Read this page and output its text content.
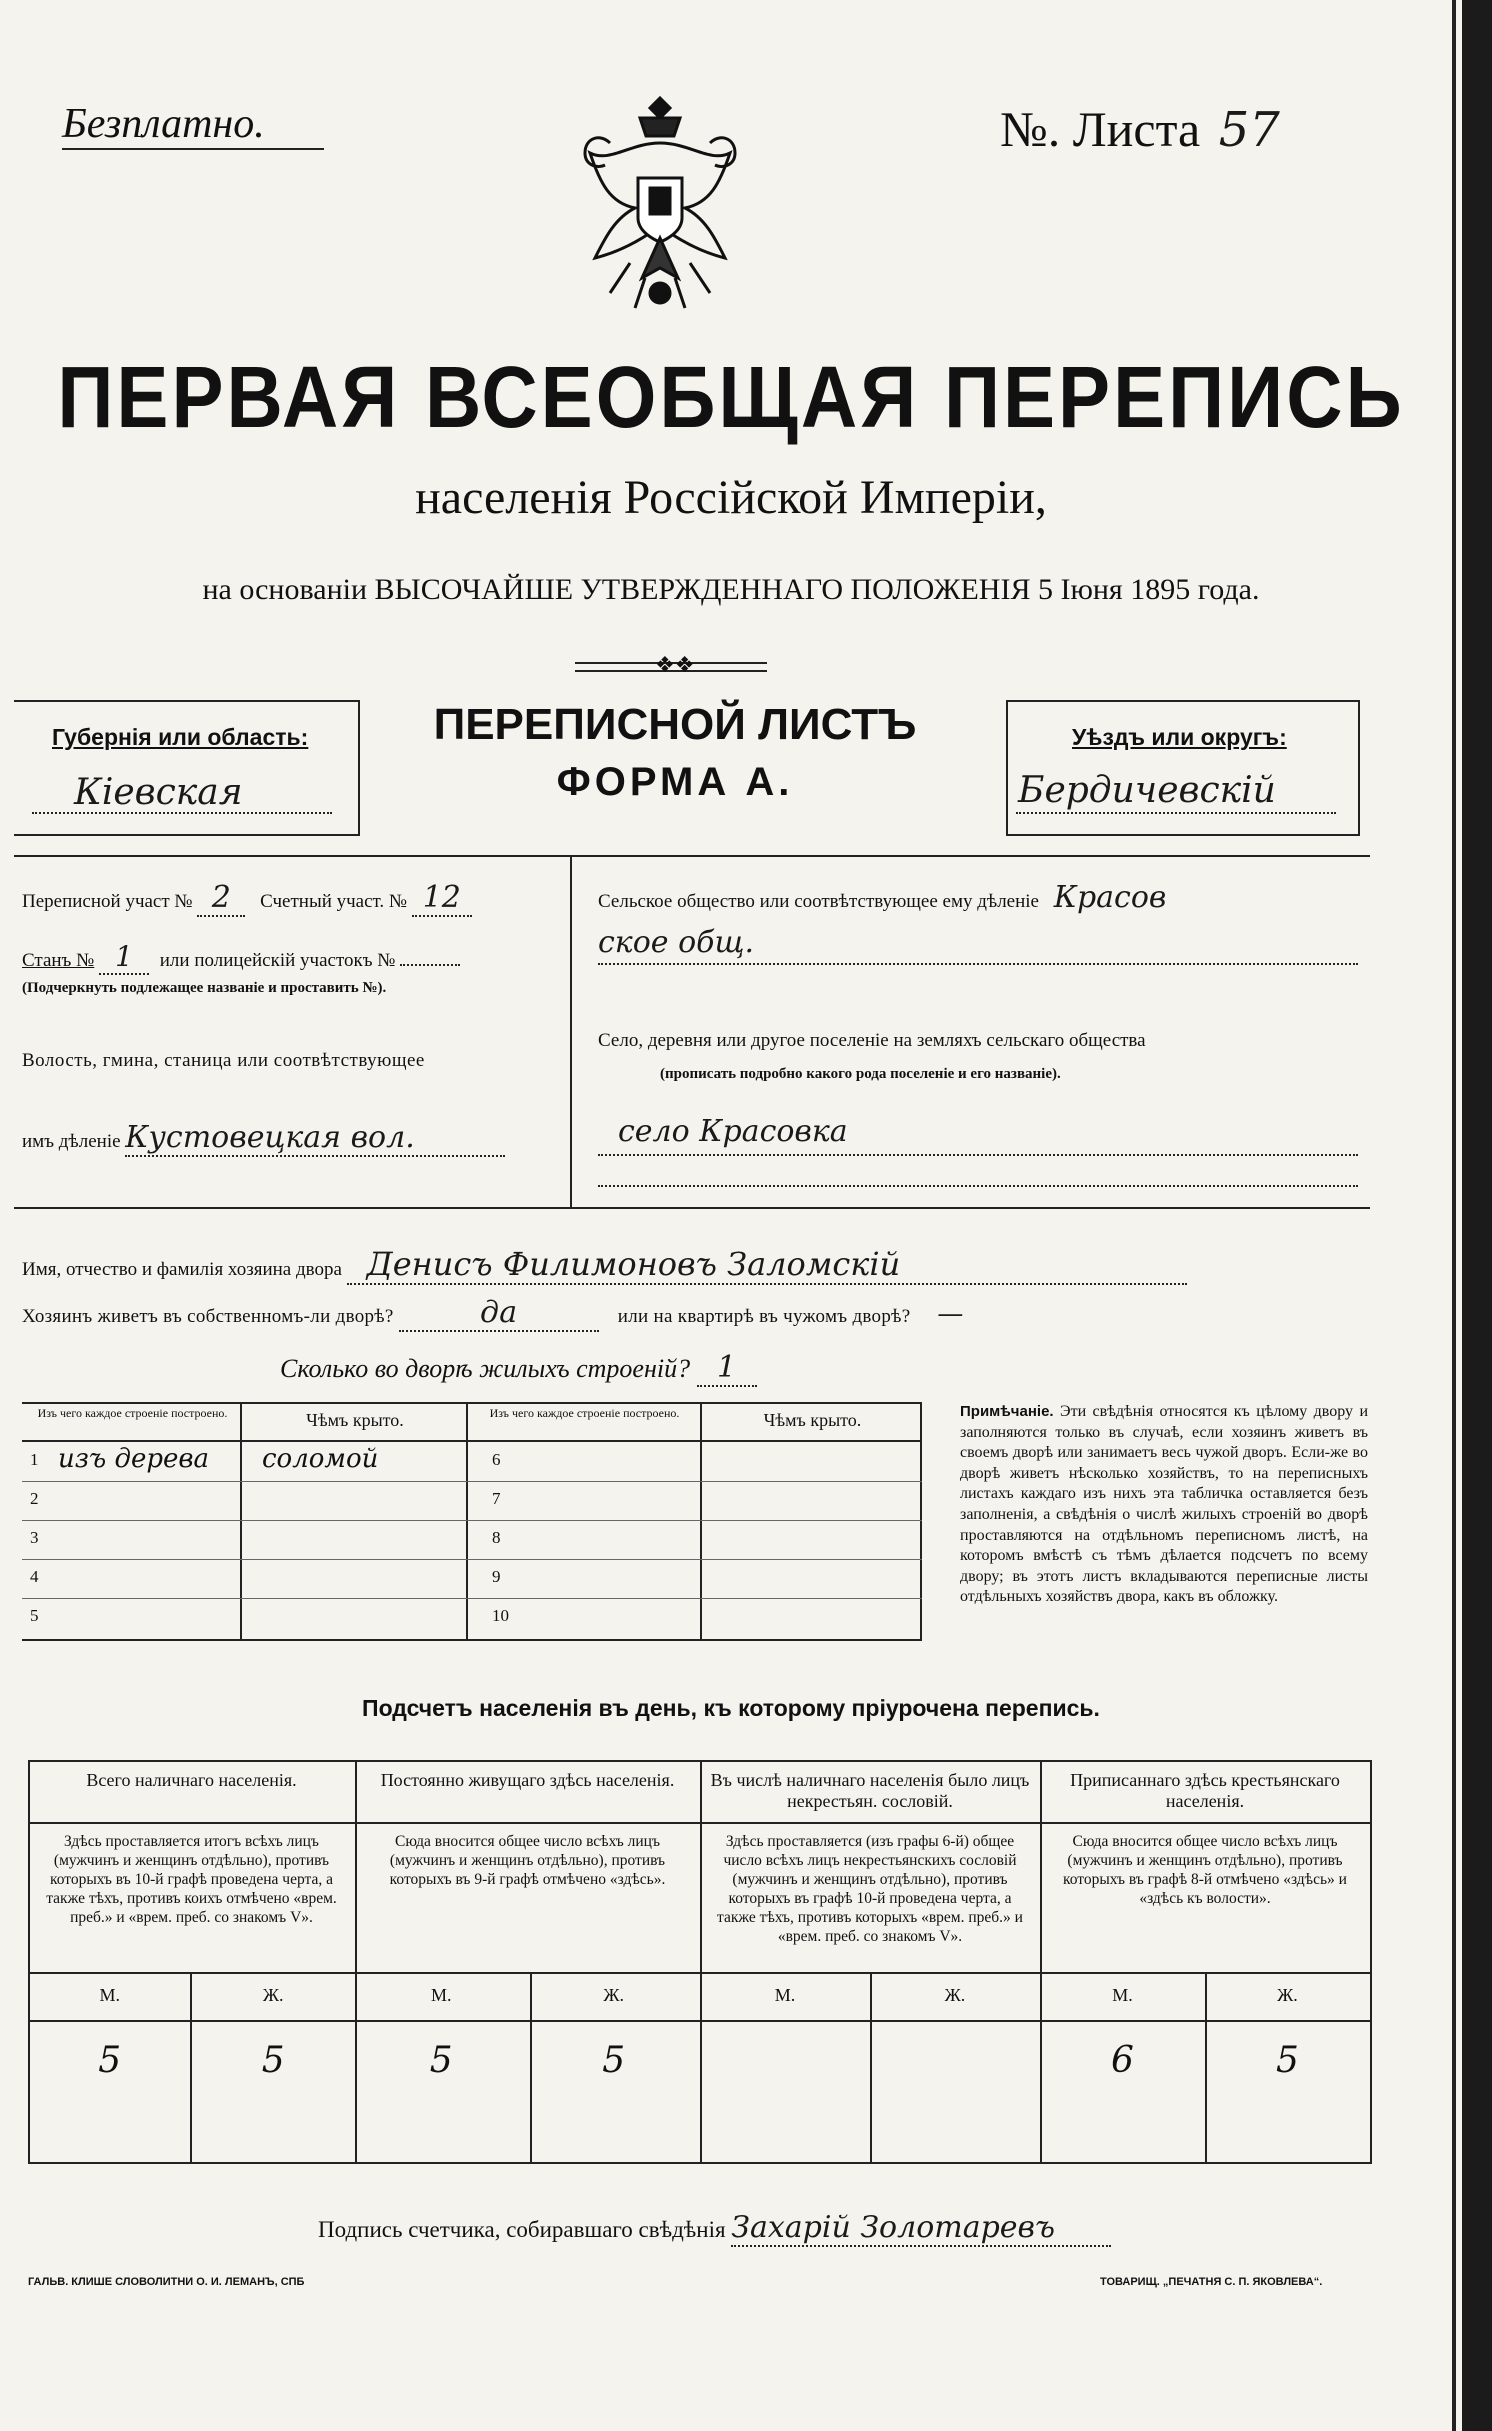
Безплатно.	№. Листа 57
ПЕРВАЯ ВСЕОБЩАЯ ПЕРЕПИСЬ
населенія Россійской Имперіи,
на основаніи ВЫСОЧАЙШЕ УТВЕРЖДЕННАГО ПОЛОЖЕНІЯ 5 Іюня 1895 года.
❖❖
Губернія или область:
Кіевская
ПЕРЕПИСНОЙ ЛИСТЪ
ФОРМА А.
Уѣздъ или округъ:
Бердичевскій
Переписной участ № 2 Счетный участ. № 12
Станъ № 1 или полицейскій участокъ №
(Подчеркнуть подлежащее названіе и проставить №).
Волость, гмина, станица или соотвѣтствующее
имъ дѣленіе Кустовецкая вол.
Сельское общество или соотвѣтствующее ему дѣленіе Красов
ское общ.
Село, деревня или другое поселеніе на земляхъ сельскаго общества
(прописать подробно какого рода поселеніе и его названіе).
село Красовка
Имя, отчество и фамилія хозяина двора Денисъ Филимоновъ Заломскій
Хозяинъ живетъ въ собственномъ-ли дворѣ?	да	или на квартирѣ въ чужомъ дворѣ? —
Сколько во дворѣ жилыхъ строеній? 1
Изъ чего каждое строеніе построено.	Чѣмъ крыто.	Изъ чего каждое строеніе построено.	Чѣмъ крыто.
1 изъ дерева соломой	6
2	7
3	8
4	9
5	10
Примѣчаніе. Эти свѣдѣнія относятся къ цѣлому двору и заполняются только въ случаѣ, если хозяинъ живетъ въ своемъ дворѣ или занимаетъ весь чужой дворъ. Если-же во дворѣ живетъ нѣсколько хозяйствъ, то на переписныхъ листахъ каждаго изъ нихъ эта табличка оставляется безъ заполненія, а свѣдѣнія о числѣ жилыхъ строеній во дворѣ проставляются на отдѣльномъ переписномъ листѣ, на которомъ вмѣстѣ съ тѣмъ дѣлается подсчетъ по всему двору; въ этотъ листъ вкладываются переписные листы отдѣльныхъ хозяйствъ двора, какъ въ обложку.
Подсчетъ населенія въ день, къ которому пріурочена перепись.
Всего наличнаго населенія.
Здѣсь проставляется итогъ всѣхъ лицъ (мужчинъ и женщинъ отдѣльно), противъ которыхъ въ 10-й графѣ проведена черта, а также тѣхъ, противъ коихъ отмѣчено «врем. преб.» и «врем. преб. со знакомъ V».
М.	Ж.
5	5
Постоянно живущаго здѣсь населенія.
Сюда вносится общее число всѣхъ лицъ (мужчинъ и женщинъ отдѣльно), противъ которыхъ въ 9-й графѣ отмѣчено «здѣсь».
М.	Ж.
5	5
Въ числѣ наличнаго населенія было лицъ некрестьян. сословій.
Здѣсь проставляется (изъ графы 6-й) общее число всѣхъ лицъ некрестьянскихъ сословій (мужчинъ и женщинъ отдѣльно), противъ которыхъ въ графѣ 10-й проведена черта, а также тѣхъ, противъ которыхъ «врем. преб.» и «врем. преб. со знакомъ V».
М.	Ж.
Приписаннаго здѣсь крестьянскаго населенія.
Сюда вносится общее число всѣхъ лицъ (мужчинъ и женщинъ отдѣльно), противъ которыхъ въ графѣ 8-й отмѣчено «здѣсь» и «здѣсь къ волости».
М.	Ж.
6	5
Подпись счетчика, собиравшаго свѣдѣнія Захарій Золотаревъ
ГАЛЬВ. КЛИШЕ СЛОВОЛИТНИ О. И. ЛЕМАНЪ, СПБ	ТОВАРИЩ. „ПЕЧАТНЯ С. П. ЯКОВЛЕВА“.
